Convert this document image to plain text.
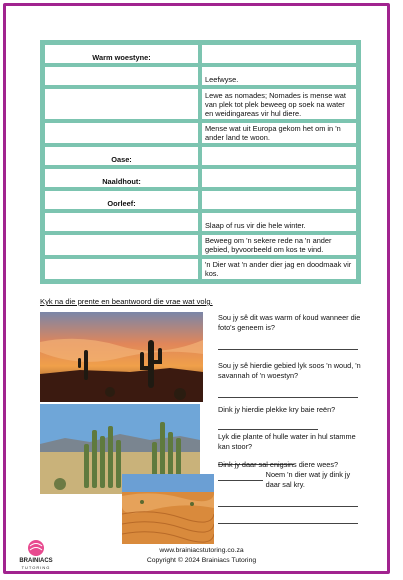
Warm woestyne:
Leefwyse.
Lewe as nomades; Nomades is mense wat van plek tot plek beweeg op soek na water en weidingareas vir hul diere.
Mense wat uit Europa gekom het om in 'n ander land te woon.
Oase:
Naaldhout:
Oorleef:
Slaap of rus vir die hele winter.
Beweeg om 'n sekere rede na 'n ander gebied, byvoorbeeld om kos te vind.
'n Dier wat 'n ander dier jag en doodmaak vir kos.
Kyk na die prente en beantwoord die vrae wat volg.
Sou jy sê dit was warm of koud wanneer die foto's geneem is?
Sou jy sê hierdie gebied lyk soos 'n woud, 'n savannah of 'n woestyn?
Dink jy hierdie plekke kry baie reën?
Lyk die plante of hulle water in hul stamme kan stoor?
Dink jy daar sal enigsins diere wees?
Noem 'n dier wat jy dink jy daar sal kry.
BRAINIACS
TUTORING
www.brainiacstutoring.co.za
Copyright © 2024 Brainiacs Tutoring
